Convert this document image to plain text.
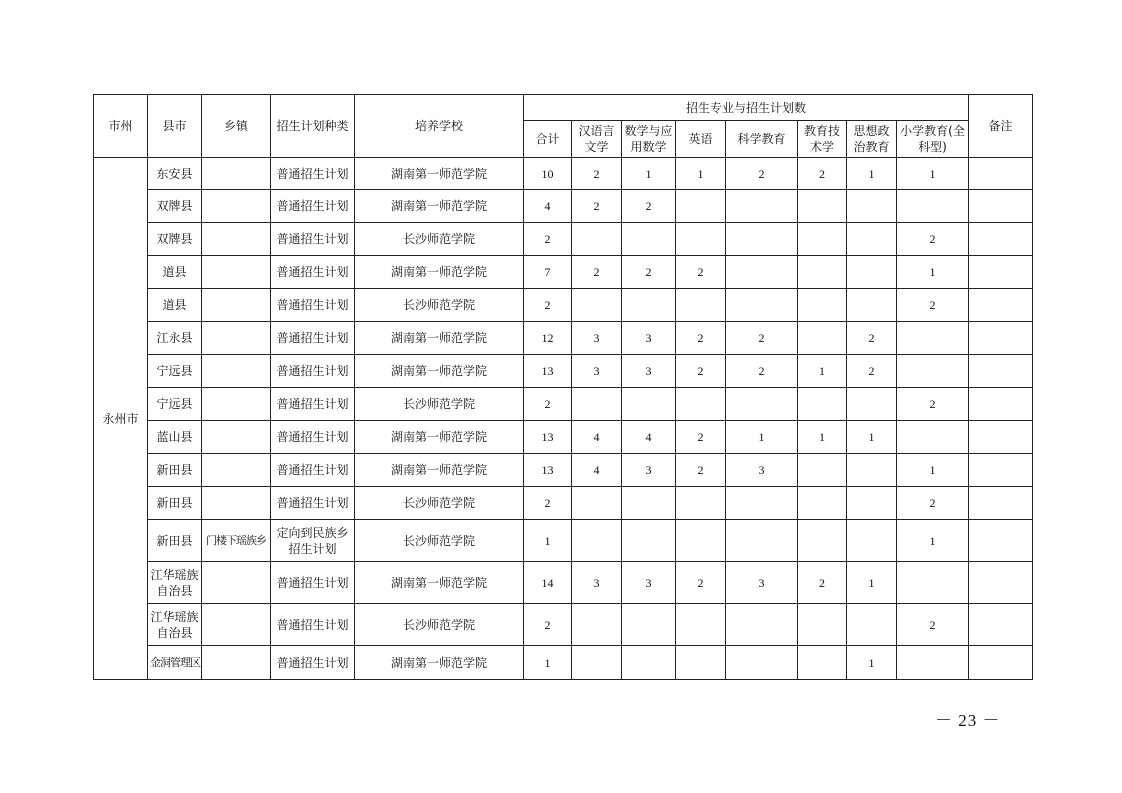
市州	县市	乡镇	招生计划种类	培养学校	招生专业与招生计划数								备注
					合计	汉语言文学	数学与应用数学	英语	科学教育	教育技术学	思想政治教育	小学教育(全科型)	
永州市	东安县		普通招生计划	湖南第一师范学院	10	2	1	1	2	2	1	1	
	双牌县		普通招生计划	湖南第一师范学院	4	2	2						
	双牌县		普通招生计划	长沙师范学院	2							2	
	道县		普通招生计划	湖南第一师范学院	7	2	2	2				1	
	道县		普通招生计划	长沙师范学院	2							2	
	江永县		普通招生计划	湖南第一师范学院	12	3	3	2	2		2		
	宁远县		普通招生计划	湖南第一师范学院	13	3	3	2	2	1	2		
	宁远县		普通招生计划	长沙师范学院	2							2	
	蓝山县		普通招生计划	湖南第一师范学院	13	4	4	2	1	1	1		
	新田县		普通招生计划	湖南第一师范学院	13	4	3	2	3			1	
	新田县		普通招生计划	长沙师范学院	2							2	
	新田县	门楼下瑶族乡	定向到民族乡招生计划	长沙师范学院	1							1	
	江华瑶族自治县		普通招生计划	湖南第一师范学院	14	3	3	2	3	2	1		
	江华瑶族自治县		普通招生计划	长沙师范学院	2							2	
	金洞管理区		普通招生计划	湖南第一师范学院	1						1		
－ 23 －
